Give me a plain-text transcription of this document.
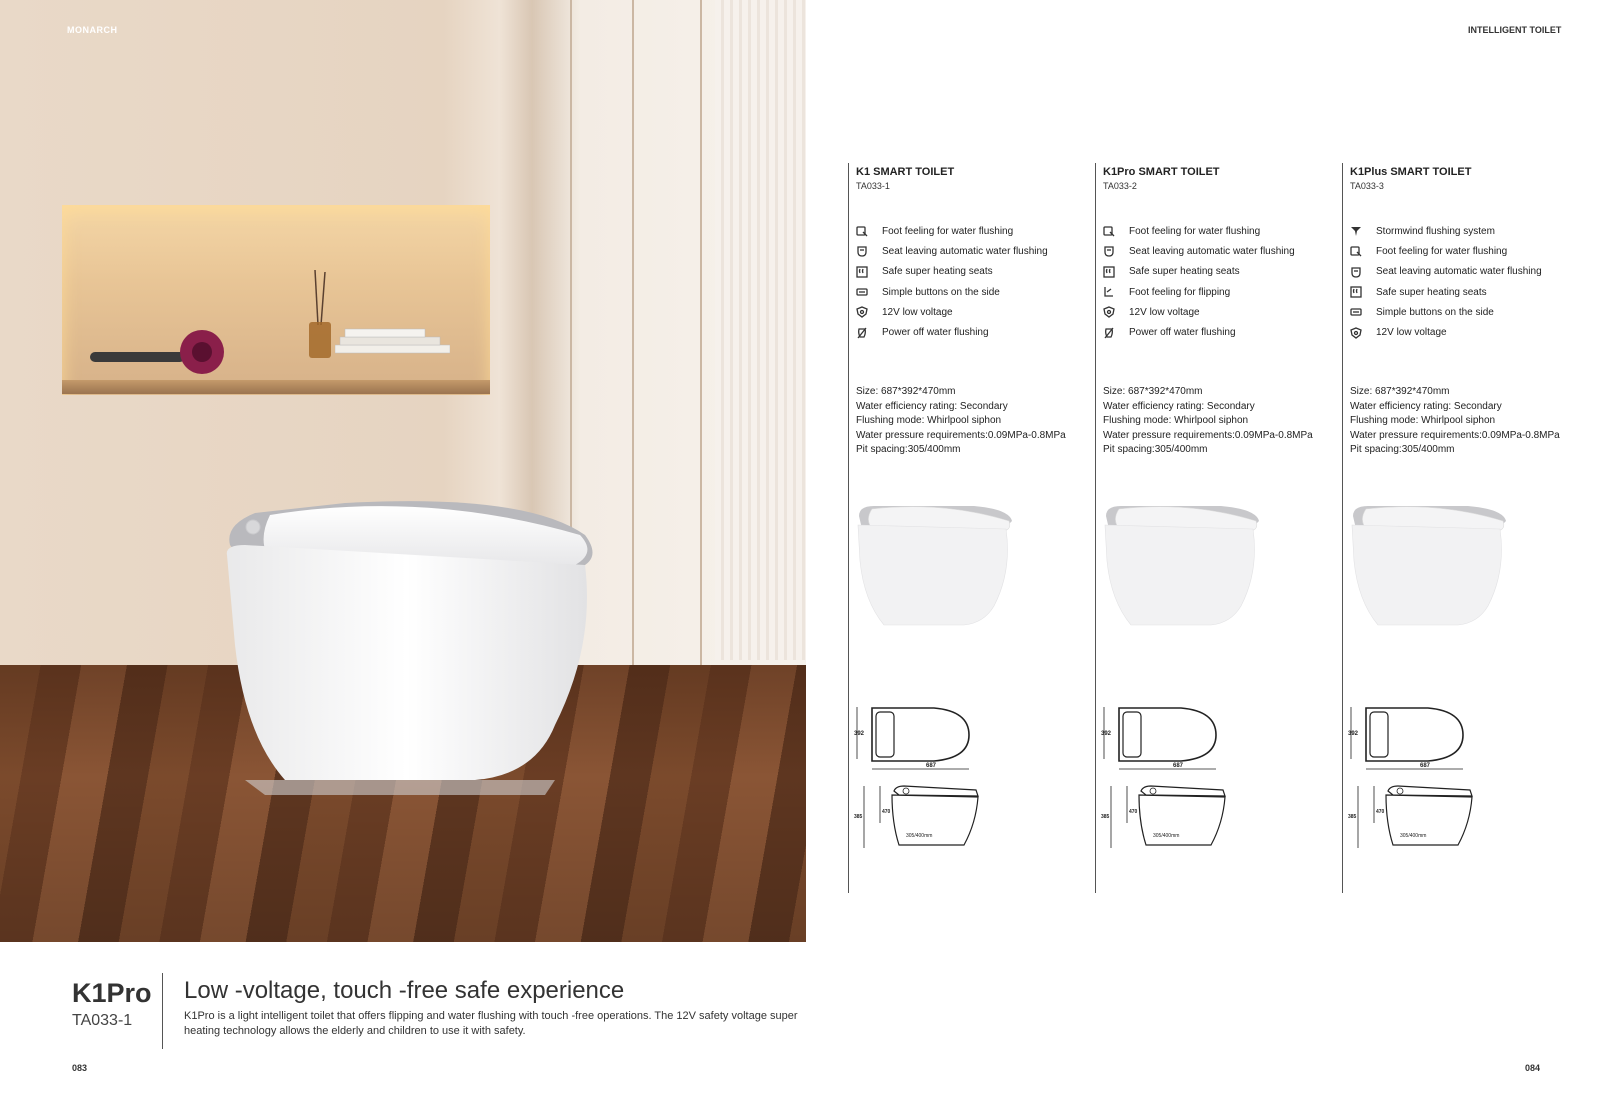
MONARCH
K1Pro
TA033-1
Low -voltage, touch -free safe experience
K1Pro is a light intelligent toilet that offers flipping and water flushing with touch -free operations. The 12V safety voltage super heating technology allows the elderly and children to use it with safety.
083
INTELLIGENT TOILET
084
K1 SMART TOILET
TA033-1
Foot feeling for water flushing
Seat leaving automatic water flushing
Safe super heating seats
Simple buttons on the side
12V low voltage
Power off water flushing
Size: 687*392*470mm
Water efficiency rating: Secondary
Flushing mode: Whirlpool siphon
Water pressure requirements:0.09MPa-0.8MPa
Pit spacing:305/400mm
392
687
385
470
305/400mm
K1Pro SMART TOILET
TA033-2
Foot feeling for water flushing
Seat leaving automatic water flushing
Safe super heating seats
Foot feeling for flipping
12V low voltage
Power off water flushing
Size: 687*392*470mm
Water efficiency rating: Secondary
Flushing mode: Whirlpool siphon
Water pressure requirements:0.09MPa-0.8MPa
Pit spacing:305/400mm
392
687
385
470
305/400mm
K1Plus SMART TOILET
TA033-3
Stormwind flushing system
Foot feeling for water flushing
Seat leaving automatic water flushing
Safe super heating seats
Simple buttons on the side
12V low voltage
Size: 687*392*470mm
Water efficiency rating: Secondary
Flushing mode: Whirlpool siphon
Water pressure requirements:0.09MPa-0.8MPa
Pit spacing:305/400mm
392
687
385
470
305/400mm
